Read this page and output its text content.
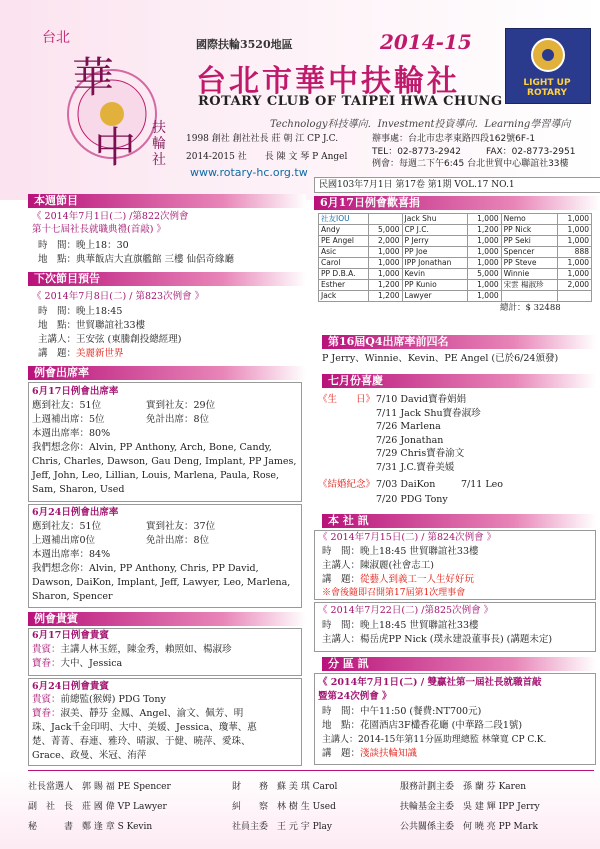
台北
華
中 扶
輪
社
國際扶輪3520地區	2014-15
台北市華中扶輪社
ROTARY CLUB OF TAIPEI HWA CHUNG
Technology科技導向．Investment投資導向．Learning學習導向
LIGHT UP ROTARY
1998 創社 創社社長 莊 朝 江 CP J.C.
2014-2015 社　　長 陳 文 琴 P Angel
www.rotary-hc.org.tw
辦事處：台北市忠孝東路四段162號6F-1
TEL：02-8773-2942	FAX：02-8773-2951
例會：每週二下午6:45 台北世貿中心聯誼社33樓
民國103年7月1日 第17卷 第1期 VOL.17 NO.1
本週節目
《 2014年7月1日(二) /第822次例會
第十七屆社長就職典禮(首敲) 》
時　間：晚上18：30
地　點：典華飯店大直旗艦館 三樓 仙侶奇緣廳
下次節目預告
《 2014年7月8日(二) / 第823次例會 》
時　間：晚上18:45
地　點：世貿聯誼社33樓
主講人：王安弦 (東騰創投總經理)
講　題：美麗新世界
例會出席率
6月17日例會出席率
應到社友：51位	實到社友：29位
上週補出席：5位	免計出席：8位
本週出席率：80%
我們想念你：Alvin, PP Anthony, Arch, Bone, Candy,
Chris, Charles, Dawson, Gau Deng, Implant, PP James,
Jeff, John, Leo, Lillian, Louis, Marlena, Paula, Rose,
Sam, Sharon, Used
6月24日例會出席率
應到社友：51位	實到社友：37位
上週補出席0位	免計出席：8位
本週出席率：84%
我們想念你：Alvin, PP Anthony, Chris, PP David,
Dawson, DaiKon, Implant, Jeff, Lawyer, Leo, Marlena,
Sharon, Spencer
例會貴賓
6月17日例會貴賓
貴賓：主講人林玉經，陳金秀，賴照如、楊淑珍
寶眷：大中、Jessica
6月24日例會貴賓
貴賓：前總監(猴姆) PDG Tony
寶眷：淑美、靜芬 金鳳、Angel、渝文、佩芳、明
珠、Jack千金印明、大中、美媛、Jessica、瓊華、惠
楚、菁菁、春連、雅玲、晴淑、于健、曉萍、愛珠、
Grace、政曼、米冠、洧萍
6月17日例會歡喜捐
社友IOU		Jack Shu	1,000	Nemo	1,000
Andy	5,000	CP J.C.	1,200	PP Nick	1,000
PE Angel	2,000	P Jerry	1,000	PP Seki	1,000
Asic	1,000	PP Joe	1,000	Spencer	888
Carol	1,000	IPP Jonathan	1,000	PP Steve	1,000
PP D.B.A.	1,000	Kevin	5,000	Winnie	1,000
Esther	1,200	PP Kunio	1,000	宋雲 楊淑珍	2,000
Jack	1,200	Lawyer	1,000		
總計：$ 32488
第16屆Q4出席率前四名
P Jerry、Winnie、Kevin、PE Angel (已於6/24頒發)
七月份喜慶
《生　　日》 7/10 David寶眷娟娟
7/11 Jack Shu寶眷淑珍
7/26 Marlena
7/26 Jonathan
7/29 Chris寶眷渝文
7/31 J.C.寶眷美媛
《結婚紀念》 7/03 DaiKon	7/11 Leo
7/20 PDG Tony
本 社 訊
《 2014年7月15日(二) / 第824次例會 》
時　間：晚上18:45 世貿聯誼社33樓
主講人：陳淑麗(社會志工)
講　題：從藝人到義工一人生好好玩
※會後隨即召開第17屆第1次理事會
《 2014年7月22日(二) /第825次例會 》
時　間：晚上18:45 世貿聯誼社33樓
主講人：楊岳虎PP Nick (璞永建設董事長) (講題未定)
分 區 訊
《 2014年7月1日(二) / 雙贏社第一屆社長就職首敲
暨第24次例會 》
時　間：中午11:50 (餐費:NT700元)
地　點：花園酒店3F欉香花廳 (中華路二段1號)
主講人：2014-15年第11分區助理總監 林肇寬 CP C.K.
講　題：淺談扶輪知識
社長當選人　郭 賜 福 PE Spencer	財　　務　蘇 美 琪 Carol	服務計劃主委　孫 蘭 芬 Karen
副　社　長　莊 國 偉 VP Lawyer	糾　　察　林 樹 生 Used	扶輪基金主委　吳 建 輝 IPP Jerry
秘　　　書　鄭 逢 章 S Kevin	社員主委　王 元 宇 Play	公共關係主委　何 曉 亮 PP Mark
